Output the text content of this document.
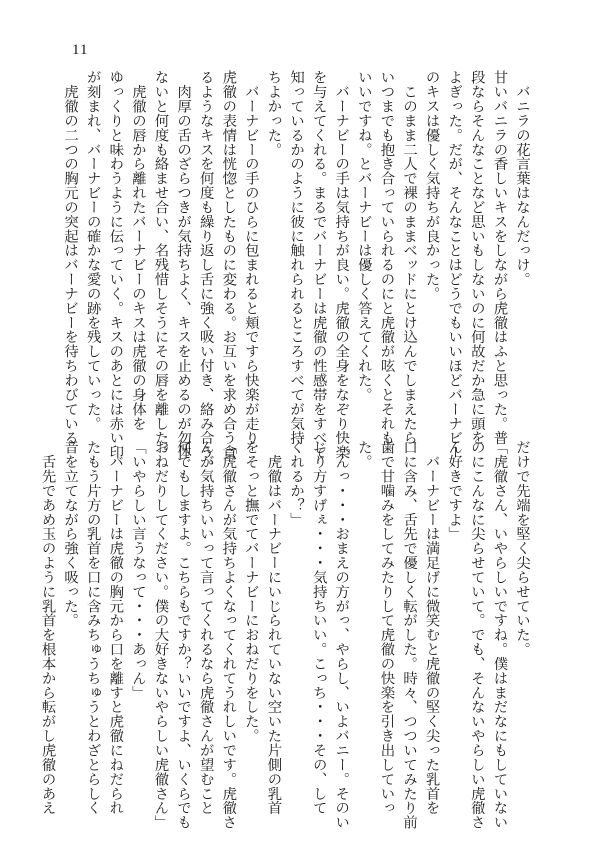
11
　バニラの花言葉はなんだっけ。
甘いバニラの香しいキスをしながら虎徹はふと思った。普
段ならそんなことなど思いもしないのに何故だか急に頭を
よぎった。だが、そんなことはどうでもいいほどバーナビー
のキスは優しく気持ちが良かった。
　このまま二人で裸のままベッドにとけ込んでしまえたら
いつまでも抱き合っていられるのにと虎徹が呟くとそれも
いいですね。とバーナビーは優しく答えてくれた。
　バーナビーの手は気持ちが良い。虎徹の全身をなぞり快楽
を与えてくれる。まるでバーナビーは虎徹の性感帯をすべて
知っているかのように彼に触れられるところすべてが気持
ちよかった。
　バーナビーの手のひらに包まれると頬ですら快楽が走り
虎徹の表情は恍惚としたものに変わる。お互いを求め合う貪
るようなキスを何度も繰り返し舌に強く吸い付き、絡み合う。
　肉厚の舌のざらつきが気持ちよく、キスを止めるのが勿体
ないと何度も絡ませ合い、名残惜しそうにその唇を離した。
　虎徹の唇から離れたバーナビーのキスは虎徹の身体を
ゆっくりと味わうように伝っていく。キスのあとには赤い印
が刻まれ、バーナビーの確かな愛の跡を残していった。
　虎徹の二つの胸元の突起はバーナビーを待ちわびている
だけで先端を堅く尖らせていた。
「虎徹さん、いやらしいですね。僕はまだなにもしていない
のにこんなに尖らせていて。でも、そんないやらしい虎徹さ
ん好きですよ」
　バーナビーは満足げに微笑むと虎徹の堅く尖った乳首を
口に含み、舌先で優しく転がした。時々、つついてみたり前
歯で甘噛みをしてみたりして虎徹の快楽を引き出していっ
た。
「んっ・・・おまえの方がっ、やらし、いよバニー。そのい
じり方すげぇ・・・気持ちいい。こっち・・・その、して
くれるか？」
　虎徹はバーナビーにいじられていない空いた片側の乳首
をそっと撫でてバーナビーにおねだりをした。
「虎徹さんが気持ちよくなってくれてうれしいです。虎徹さ
んが気持ちいいって言ってくれるなら虎徹さんが望むこと
何でもしますよ。こちらもですか？いいですよ、いくらでも
おねだりしてください。僕の大好きないやらしい虎徹さん」
「いやらしい言うなって・・・あっん」
　バーナビーは虎徹の胸元から口を離すと虎徹にねだられ
たもう片方の乳首を口に含みちゅうちゅうとわざとらしく
音を立てながら強く吸った。
　舌先であめ玉のように乳首を根本から転がし虎徹のあえ
